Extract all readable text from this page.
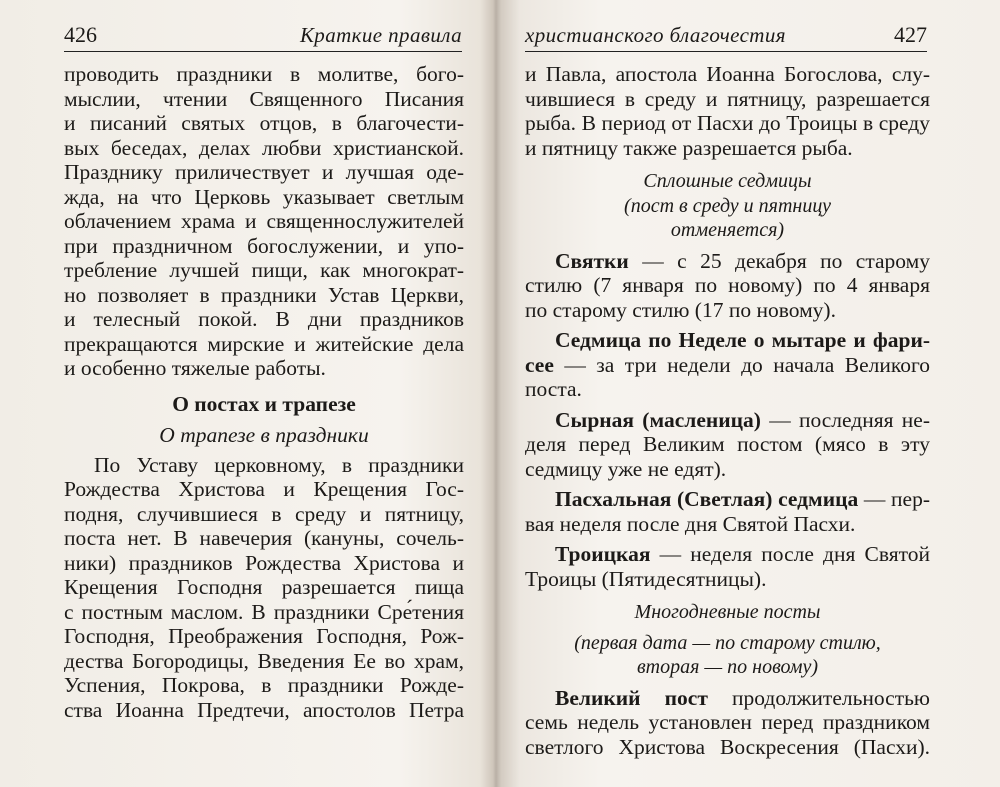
426	Краткие правила
проводить праздники в молитве, бого-
мыслии, чтении Священного Писания
и писаний святых отцов, в благочести-
вых беседах, делах любви христианской.
Празднику приличествует и лучшая оде-
жда, на что Церковь указывает светлым
облачением храма и священнослужителей
при праздничном богослужении, и упо-
требление лучшей пищи, как многократ-
но позволяет в праздники Устав Церкви,
и телесный покой. В дни праздников
прекращаются мирские и житейские дела
и особенно тяжелые работы.
О постах и трапезе
О трапезе в праздники
По Уставу церковному, в праздники
Рождества Христова и Крещения Гос-
подня, случившиеся в среду и пятницу,
поста нет. В навечерия (кануны, сочель-
ники) праздников Рождества Христова и
Крещения Господня разрешается пища
с постным маслом. В праздники Сре́тения
Господня, Преображения Господня, Рож-
дества Богородицы, Введения Ее во храм,
Успения, Покрова, в праздники Рожде-
ства Иоанна Предтечи, апостолов Петра
христианского благочестия	427
и Павла, апостола Иоанна Богослова, слу-
чившиеся в среду и пятницу, разрешается
рыба. В период от Пасхи до Троицы в среду
и пятницу также разрешается рыба.
Сплошные седмицы
(пост в среду и пятницу
отменяется)
Святки — с 25 декабря по старому
стилю (7 января по новому) по 4 января
по старому стилю (17 по новому).
Седмица по Неделе о мытаре и фари-
сее — за три недели до начала Великого
поста.
Сырная (масленица) — последняя не-
деля перед Великим постом (мясо в эту
седмицу уже не едят).
Пасхальная (Светлая) седмица — пер-
вая неделя после дня Святой Пасхи.
Троицкая — неделя после дня Святой
Троицы (Пятидесятницы).
Многодневные посты
(первая дата — по старому стилю,
вторая — по новому)
Великий пост продолжительностью
семь недель установлен перед праздником
светлого Христова Воскресения (Пасхи).
